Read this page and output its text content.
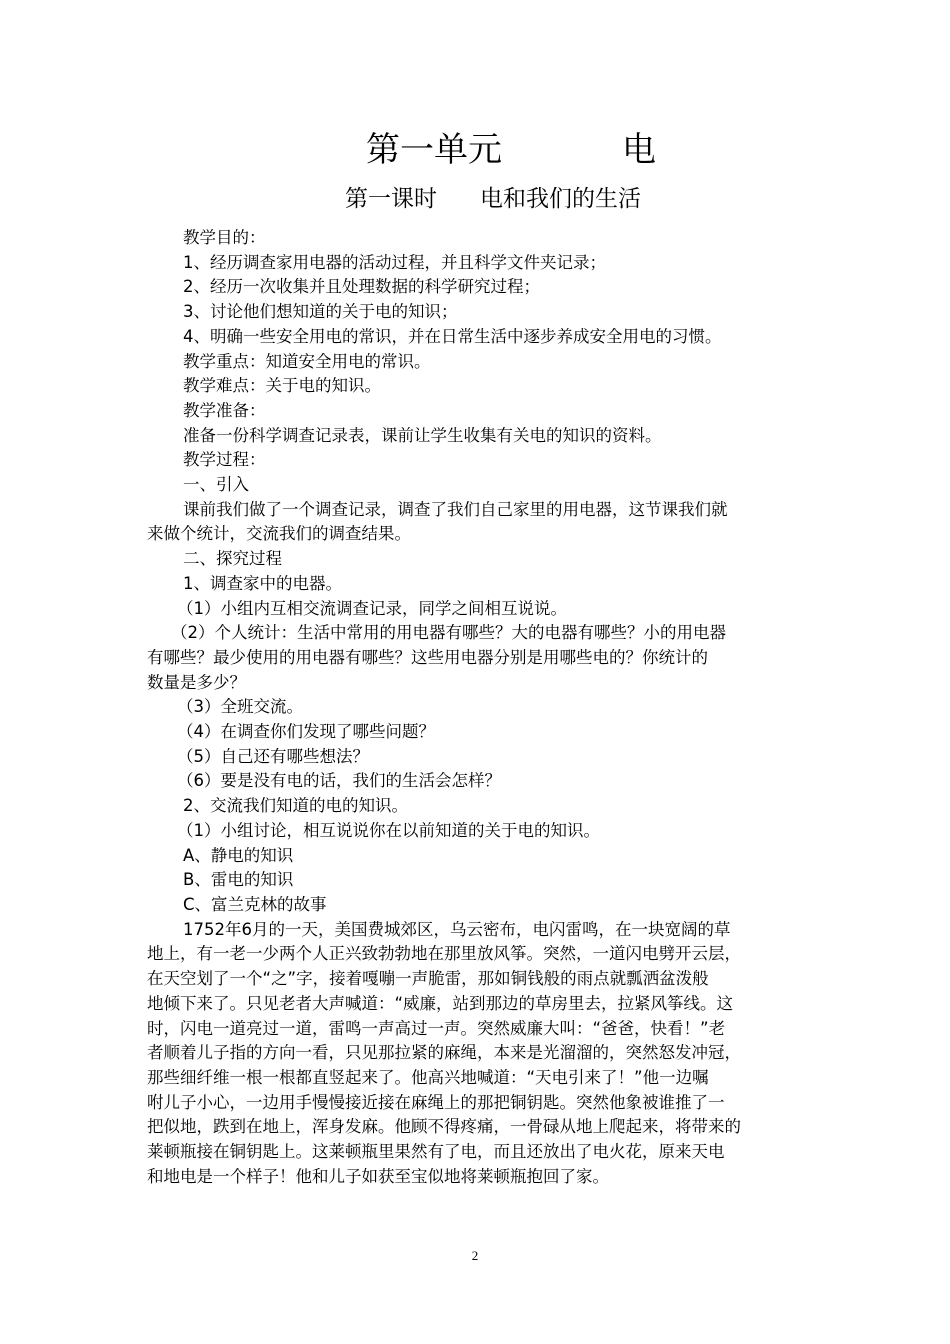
第一单元	电
第一课时 电和我们的生活

教学目的：

1、经历调查家用电器的活动过程，并且科学文件夹记录；

2、经历一次收集并且处理数据的科学研究过程；

3、讨论他们想知道的关于电的知识；

4、明确一些安全用电的常识，并在日常生活中逐步养成安全用电的习惯。

教学重点：知道安全用电的常识。

教学难点：关于电的知识。

教学准备：

准备一份科学调查记录表，课前让学生收集有关电的知识的资料。

教学过程：

一、引入

课前我们做了一个调查记录，调查了我们自己家里的用电器，这节课我们就

来做个统计，交流我们的调查结果。

二、探究过程

1、调查家中的电器。

（1）小组内互相交流调查记录，同学之间相互说说。

（2）个人统计：生活中常用的用电器有哪些？大的电器有哪些？小的用电器

有哪些？最少使用的用电器有哪些？这些用电器分别是用哪些电的？你统计的

数量是多少？

（3）全班交流。

（4）在调查你们发现了哪些问题？

（5）自己还有哪些想法？

（6）要是没有电的话，我们的生活会怎样？

2、交流我们知道的电的知识。

（1）小组讨论，相互说说你在以前知道的关于电的知识。

A、静电的知识

B、雷电的知识

C、富兰克林的故事

1752年6月的一天，美国费城郊区，乌云密布，电闪雷鸣，在一块宽阔的草

地上，有一老一少两个人正兴致勃勃地在那里放风筝。突然，一道闪电劈开云层，

在天空划了一个“之”字，接着嘎嘣一声脆雷，那如铜钱般的雨点就瓢洒盆泼般

地倾下来了。只见老者大声喊道：“威廉，站到那边的草房里去，拉紧风筝线。这

时，闪电一道亮过一道，雷鸣一声高过一声。突然威廉大叫：“爸爸，快看！”老

者顺着儿子指的方向一看，只见那拉紧的麻绳，本来是光溜溜的，突然怒发冲冠，

那些细纤维一根一根都直竖起来了。他高兴地喊道：“天电引来了！”他一边嘱

咐儿子小心，一边用手慢慢接近接在麻绳上的那把铜钥匙。突然他象被谁推了一

把似地，跌到在地上，浑身发麻。他顾不得疼痛，一骨碌从地上爬起来，将带来的

莱顿瓶接在铜钥匙上。这莱顿瓶里果然有了电，而且还放出了电火花，原来天电

和地电是一个样子！他和儿子如获至宝似地将莱顿瓶抱回了家。

2
